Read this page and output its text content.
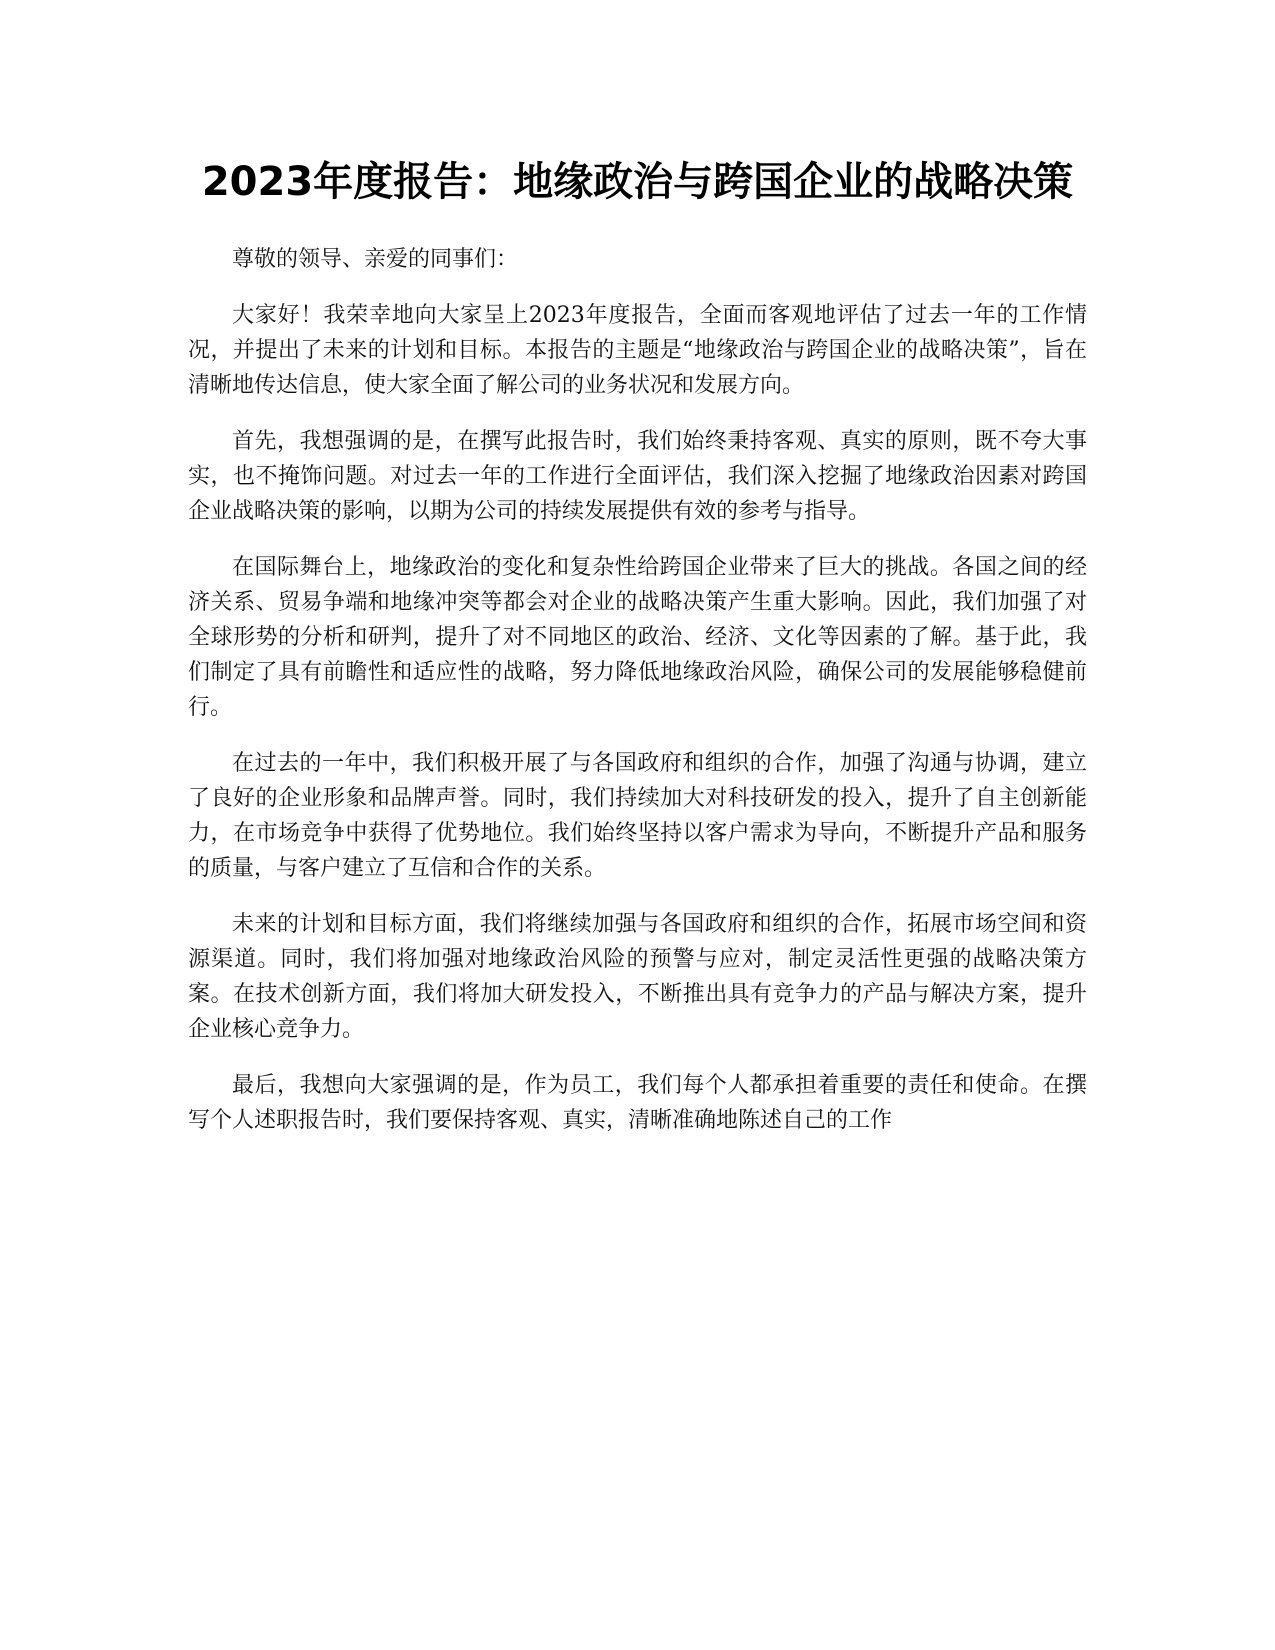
2023年度报告：地缘政治与跨国企业的战略决策

尊敬的领导、亲爱的同事们：

大家好！我荣幸地向大家呈上2023年度报告，全面而客观地评估了过去一年的工作情况，并提出了未来的计划和目标。本报告的主题是“地缘政治与跨国企业的战略决策”，旨在清晰地传达信息，使大家全面了解公司的业务状况和发展方向。

首先，我想强调的是，在撰写此报告时，我们始终秉持客观、真实的原则，既不夸大事实，也不掩饰问题。对过去一年的工作进行全面评估，我们深入挖掘了地缘政治因素对跨国企业战略决策的影响，以期为公司的持续发展提供有效的参考与指导。

在国际舞台上，地缘政治的变化和复杂性给跨国企业带来了巨大的挑战。各国之间的经济关系、贸易争端和地缘冲突等都会对企业的战略决策产生重大影响。因此，我们加强了对全球形势的分析和研判，提升了对不同地区的政治、经济、文化等因素的了解。基于此，我们制定了具有前瞻性和适应性的战略，努力降低地缘政治风险，确保公司的发展能够稳健前行。

在过去的一年中，我们积极开展了与各国政府和组织的合作，加强了沟通与协调，建立了良好的企业形象和品牌声誉。同时，我们持续加大对科技研发的投入，提升了自主创新能力，在市场竞争中获得了优势地位。我们始终坚持以客户需求为导向，不断提升产品和服务的质量，与客户建立了互信和合作的关系。

未来的计划和目标方面，我们将继续加强与各国政府和组织的合作，拓展市场空间和资源渠道。同时，我们将加强对地缘政治风险的预警与应对，制定灵活性更强的战略决策方案。在技术创新方面，我们将加大研发投入，不断推出具有竞争力的产品与解决方案，提升企业核心竞争力。

最后，我想向大家强调的是，作为员工，我们每个人都承担着重要的责任和使命。在撰写个人述职报告时，我们要保持客观、真实，清晰准确地陈述自己的工作
